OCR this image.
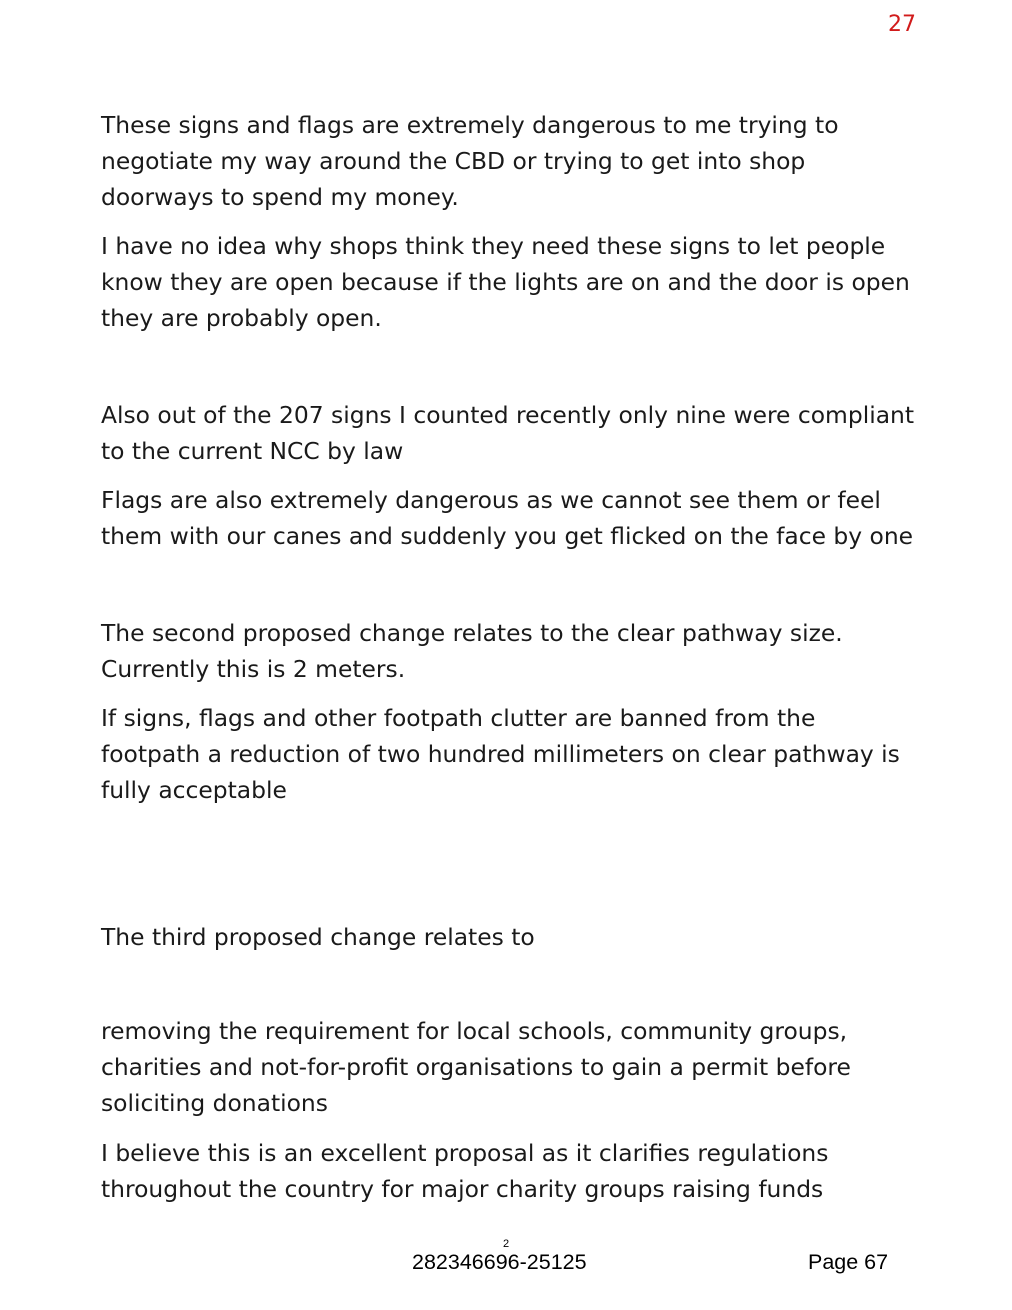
27

These signs and flags are extremely dangerous to me trying to negotiate my way around the CBD or trying to get into shop doorways to spend my money.

I have no idea why shops think they need these signs to let people know they are open because if the lights are on and the door is open they are probably open.

Also out of the 207 signs I counted recently only nine were compliant to the current NCC by law

Flags are also extremely dangerous as we cannot see them or feel them with our canes and suddenly you get flicked on the face by one

The second proposed change relates to the clear pathway size. Currently this is 2 meters.

If signs, flags and other footpath clutter are banned from the footpath a reduction of two hundred millimeters on clear pathway is fully acceptable

The third proposed change relates to

removing the requirement for local schools, community groups, charities and not-for-profit organisations to gain a permit before soliciting donations

I believe this is an excellent proposal as it clarifies regulations throughout the country for major charity groups raising funds

2
282346696-25125	Page 67
